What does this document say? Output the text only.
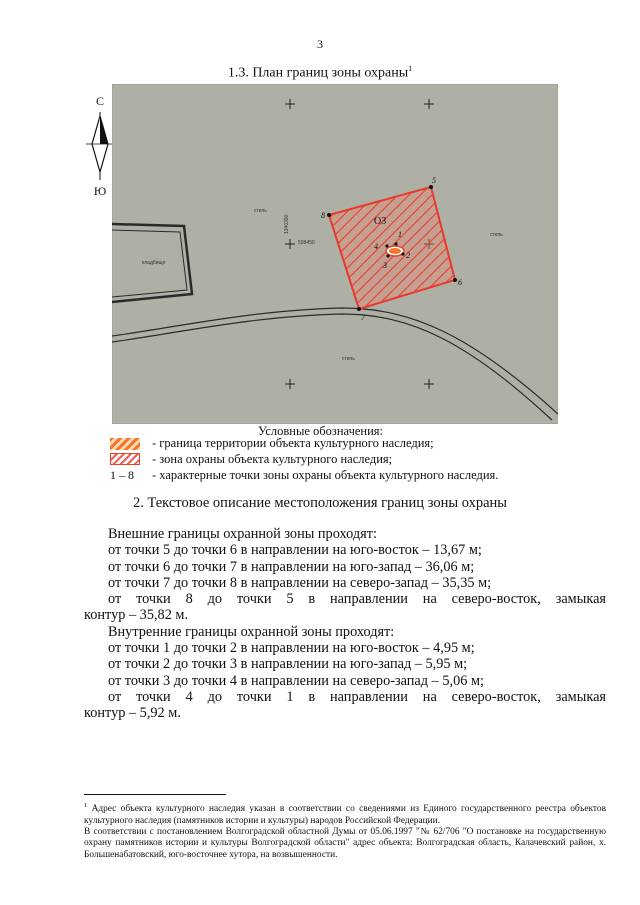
3
1.3. План границ зоны охраны$^1$
С
Ю
кладбище
1340390
508450
степь
степь
степь
ОЗ
1
2
3
4
5
6
7
8
Условные обозначения:
- граница территории объекта культурного наследия;
- зона охраны объекта культурного наследия;
1 – 8 - характерные точки зоны охраны объекта культурного наследия.
2. Текстовое описание местоположения границ зоны охраны

Внешние границы охранной зоны проходят:

от точки 5 до точки 6 в направлении на юго-восток – 13,67 м;

от точки 6 до точки 7 в направлении на юго-запад – 36,06 м;

от точки 7 до точки 8 в направлении на северо-запад – 35,35 м;

от точки 8 до точки 5 в направлении на северо-восток, замыкая

контур – 35,82 м.

Внутренние границы охранной зоны проходят:

от точки 1 до точки 2 в направлении на юго-восток – 4,95 м;

от точки 2 до точки 3 в направлении на юго-запад – 5,95 м;

от точки 3 до точки 4 в направлении на северо-запад – 5,06 м;

от точки 4 до точки 1 в направлении на северо-восток, замыкая

контур – 5,92 м.

$^1$ Адрес объекта культурного наследия указан в соответствии со сведениями из Единого государственного реестра объектов культурного наследия (памятников истории и культуры) народов Российской Федерации.

В соответствии с постановлением Волгоградской областной Думы от 05.06.1997 "№ 62/706 "О постановке на государственную охрану памятников истории и культуры Волгоградской области" адрес объекта: Волгоградская область, Калачевский район, х. Большенабатовский, юго-восточнее хутора, на возвышенности.
